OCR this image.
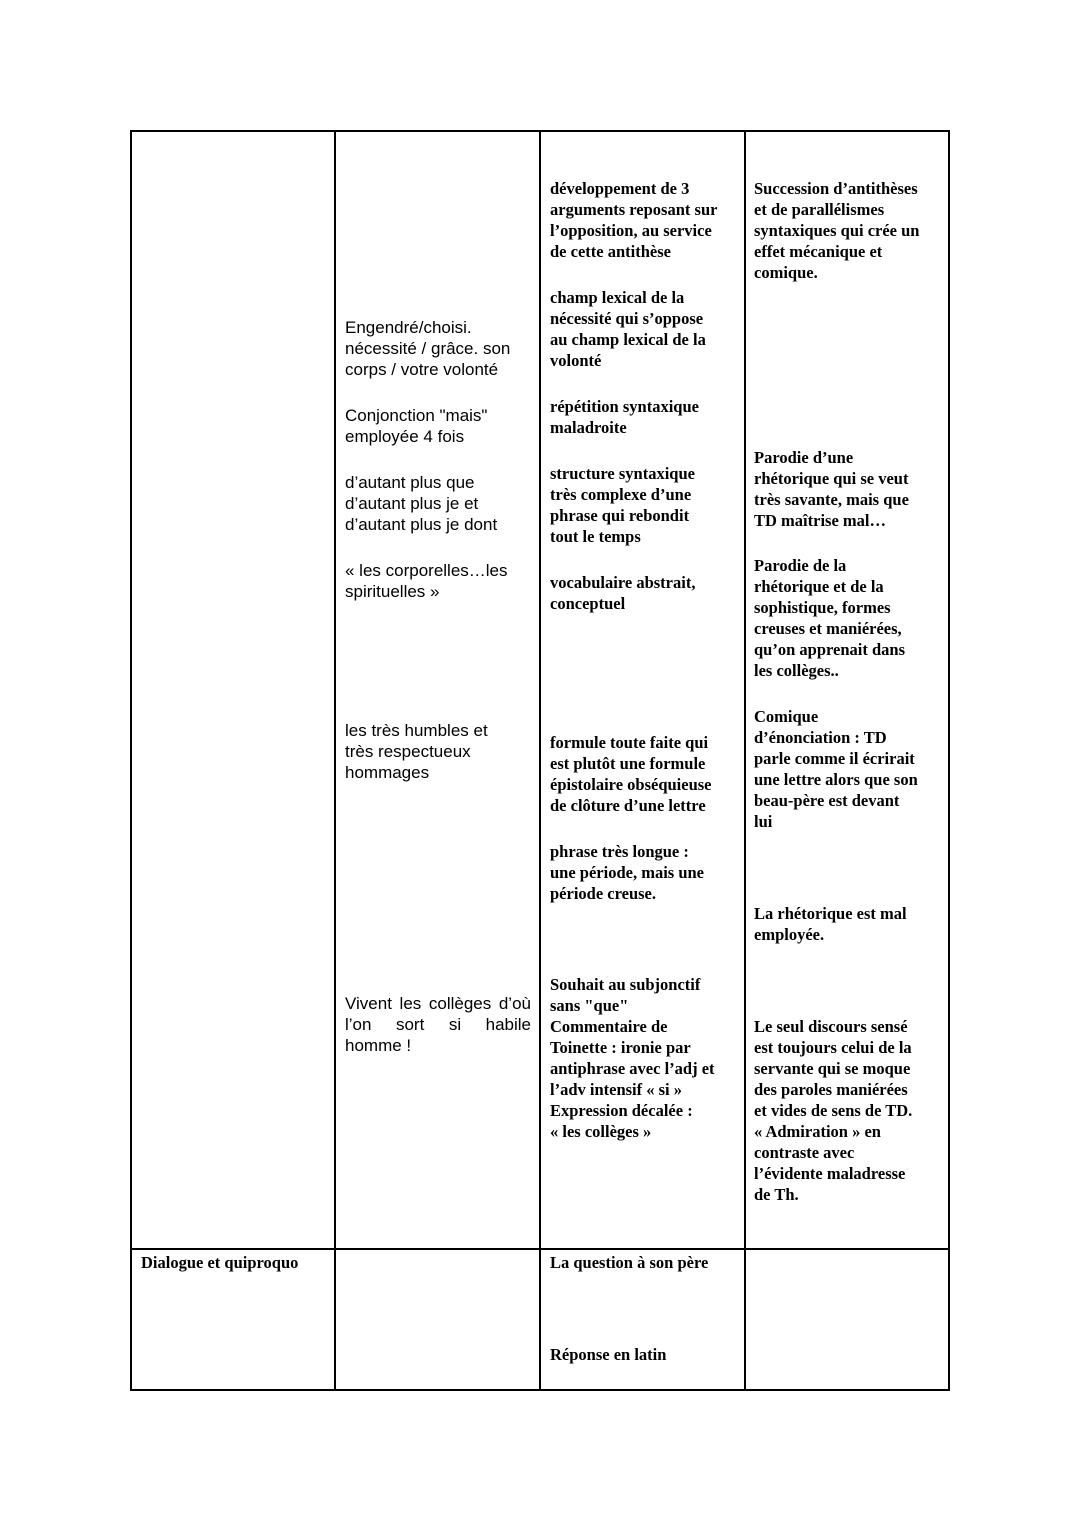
Engendré/choisi.
nécessité / grâce. son corps / votre volonté
Conjonction "mais"
employée 4 fois
d’autant plus que
d’autant plus je et
d’autant plus je dont
« les corporelles…les spirituelles »
les très humbles et
très respectueux
hommages
Vivent les collèges d’où l’on sort si habile homme !
développement de 3
arguments reposant sur
l’opposition, au service
de cette antithèse
champ lexical de la
nécessité qui s’oppose
au champ lexical de la
volonté
répétition syntaxique
maladroite
structure syntaxique
très complexe d’une
phrase qui rebondit
tout le temps
vocabulaire abstrait,
conceptuel
formule toute faite qui
est plutôt une formule
épistolaire obséquieuse
de clôture d’une lettre
phrase très longue :
une période, mais une
période creuse.
Souhait au subjonctif
sans "que"
Commentaire de
Toinette : ironie par
antiphrase avec l’adj et
l’adv intensif « si »
Expression décalée :
« les collèges »
La question à son père
Réponse en latin
Succession d’antithèses
et de parallélismes
syntaxiques qui crée un
effet mécanique et
comique.
Parodie d’une
rhétorique qui se veut
très savante, mais que
TD maîtrise mal…
Parodie de la
rhétorique et de la
sophistique, formes
creuses et maniérées,
qu’on apprenait dans
les collèges..
Comique
d’énonciation : TD
parle comme il écrirait
une lettre alors que son
beau-père est devant
lui
La rhétorique est mal
employée.
Le seul discours sensé
est toujours celui de la
servante qui se moque
des paroles maniérées
et vides de sens de TD.
« Admiration » en
contraste avec
l’évidente maladresse
de Th.
Dialogue et quiproquo
